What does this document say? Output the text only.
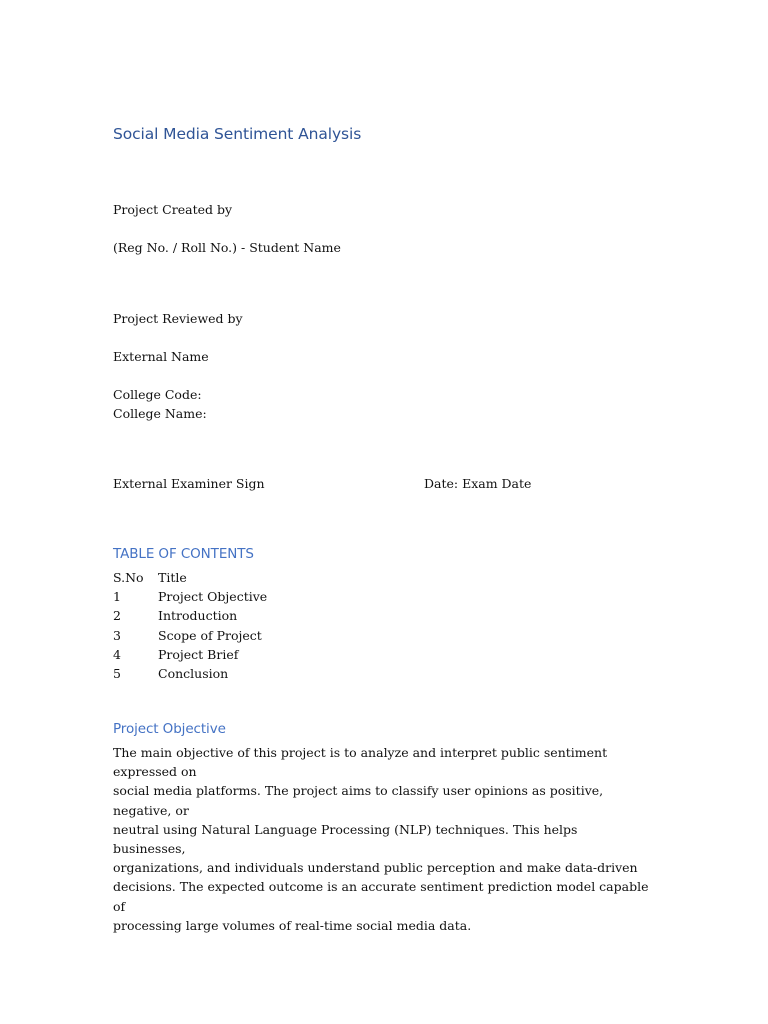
Social Media Sentiment Analysis
Project Created by
(Reg No. / Roll No.) - Student Name
Project Reviewed by
External Name
College Code:
College Name:
External Examiner Sign	Date: Exam Date
TABLE OF CONTENTS
S.No	Title
1	Project Objective
2	Introduction
3	Scope of Project
4	Project Brief
5	Conclusion
Project Objective
The main objective of this project is to analyze and interpret public sentiment expressed on
social media platforms. The project aims to classify user opinions as positive, negative, or
neutral using Natural Language Processing (NLP) techniques. This helps businesses,
organizations, and individuals understand public perception and make data-driven
decisions. The expected outcome is an accurate sentiment prediction model capable of
processing large volumes of real-time social media data.
